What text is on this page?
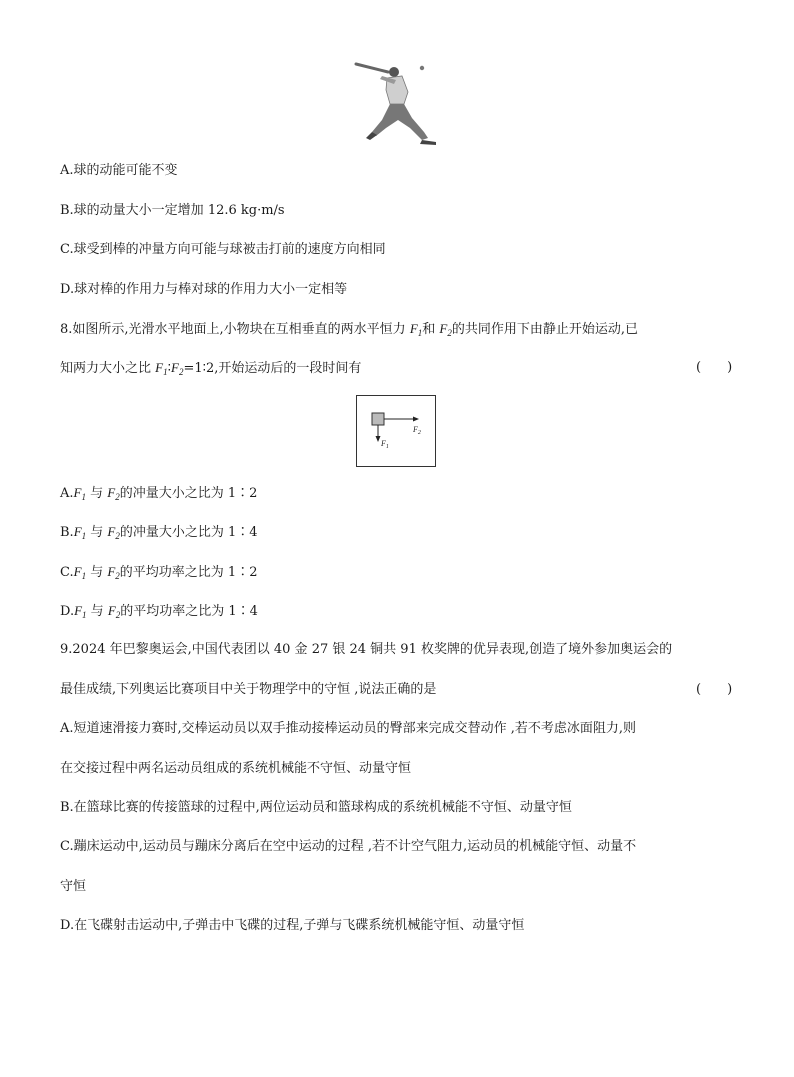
A.球的动能可能不变
B.球的动量大小一定增加 12.6 kg·m/s
C.球受到棒的冲量方向可能与球被击打前的速度方向相同
D.球对棒的作用力与棒对球的作用力大小一定相等
8.如图所示,光滑水平地面上,小物块在互相垂直的两水平恒力 $F_1$和 $F_2$的共同作用下由静止开始运动,已
知两力大小之比 $F_1∶F_2=1∶2$,开始运动后的一段时间有	(　　)
$F_1$
$F_2$
$A.F_1$ 与 $F_2$的冲量大小之比为 1∶2
$B.F_1$ 与 $F_2$的冲量大小之比为 1∶4
$C.F_1$ 与 $F_2$的平均功率之比为 1∶2
$D.F_1$ 与 $F_2$的平均功率之比为 1∶4
9.2024 年巴黎奥运会,中国代表团以 40 金 27 银 24 铜共 91 枚奖牌的优异表现,创造了境外参加奥运会的
最佳成绩,下列奥运比赛项目中关于物理学中的守恒 ,说法正确的是	(　　)
A.短道速滑接力赛时,交棒运动员以双手推动接棒运动员的臀部来完成交替动作 ,若不考虑冰面阻力,则
在交接过程中两名运动员组成的系统机械能不守恒、动量守恒
B.在篮球比赛的传接篮球的过程中,两位运动员和篮球构成的系统机械能不守恒、动量守恒
C.蹦床运动中,运动员与蹦床分离后在空中运动的过程 ,若不计空气阻力,运动员的机械能守恒、动量不
守恒
D.在飞碟射击运动中,子弹击中飞碟的过程,子弹与飞碟系统机械能守恒、动量守恒
